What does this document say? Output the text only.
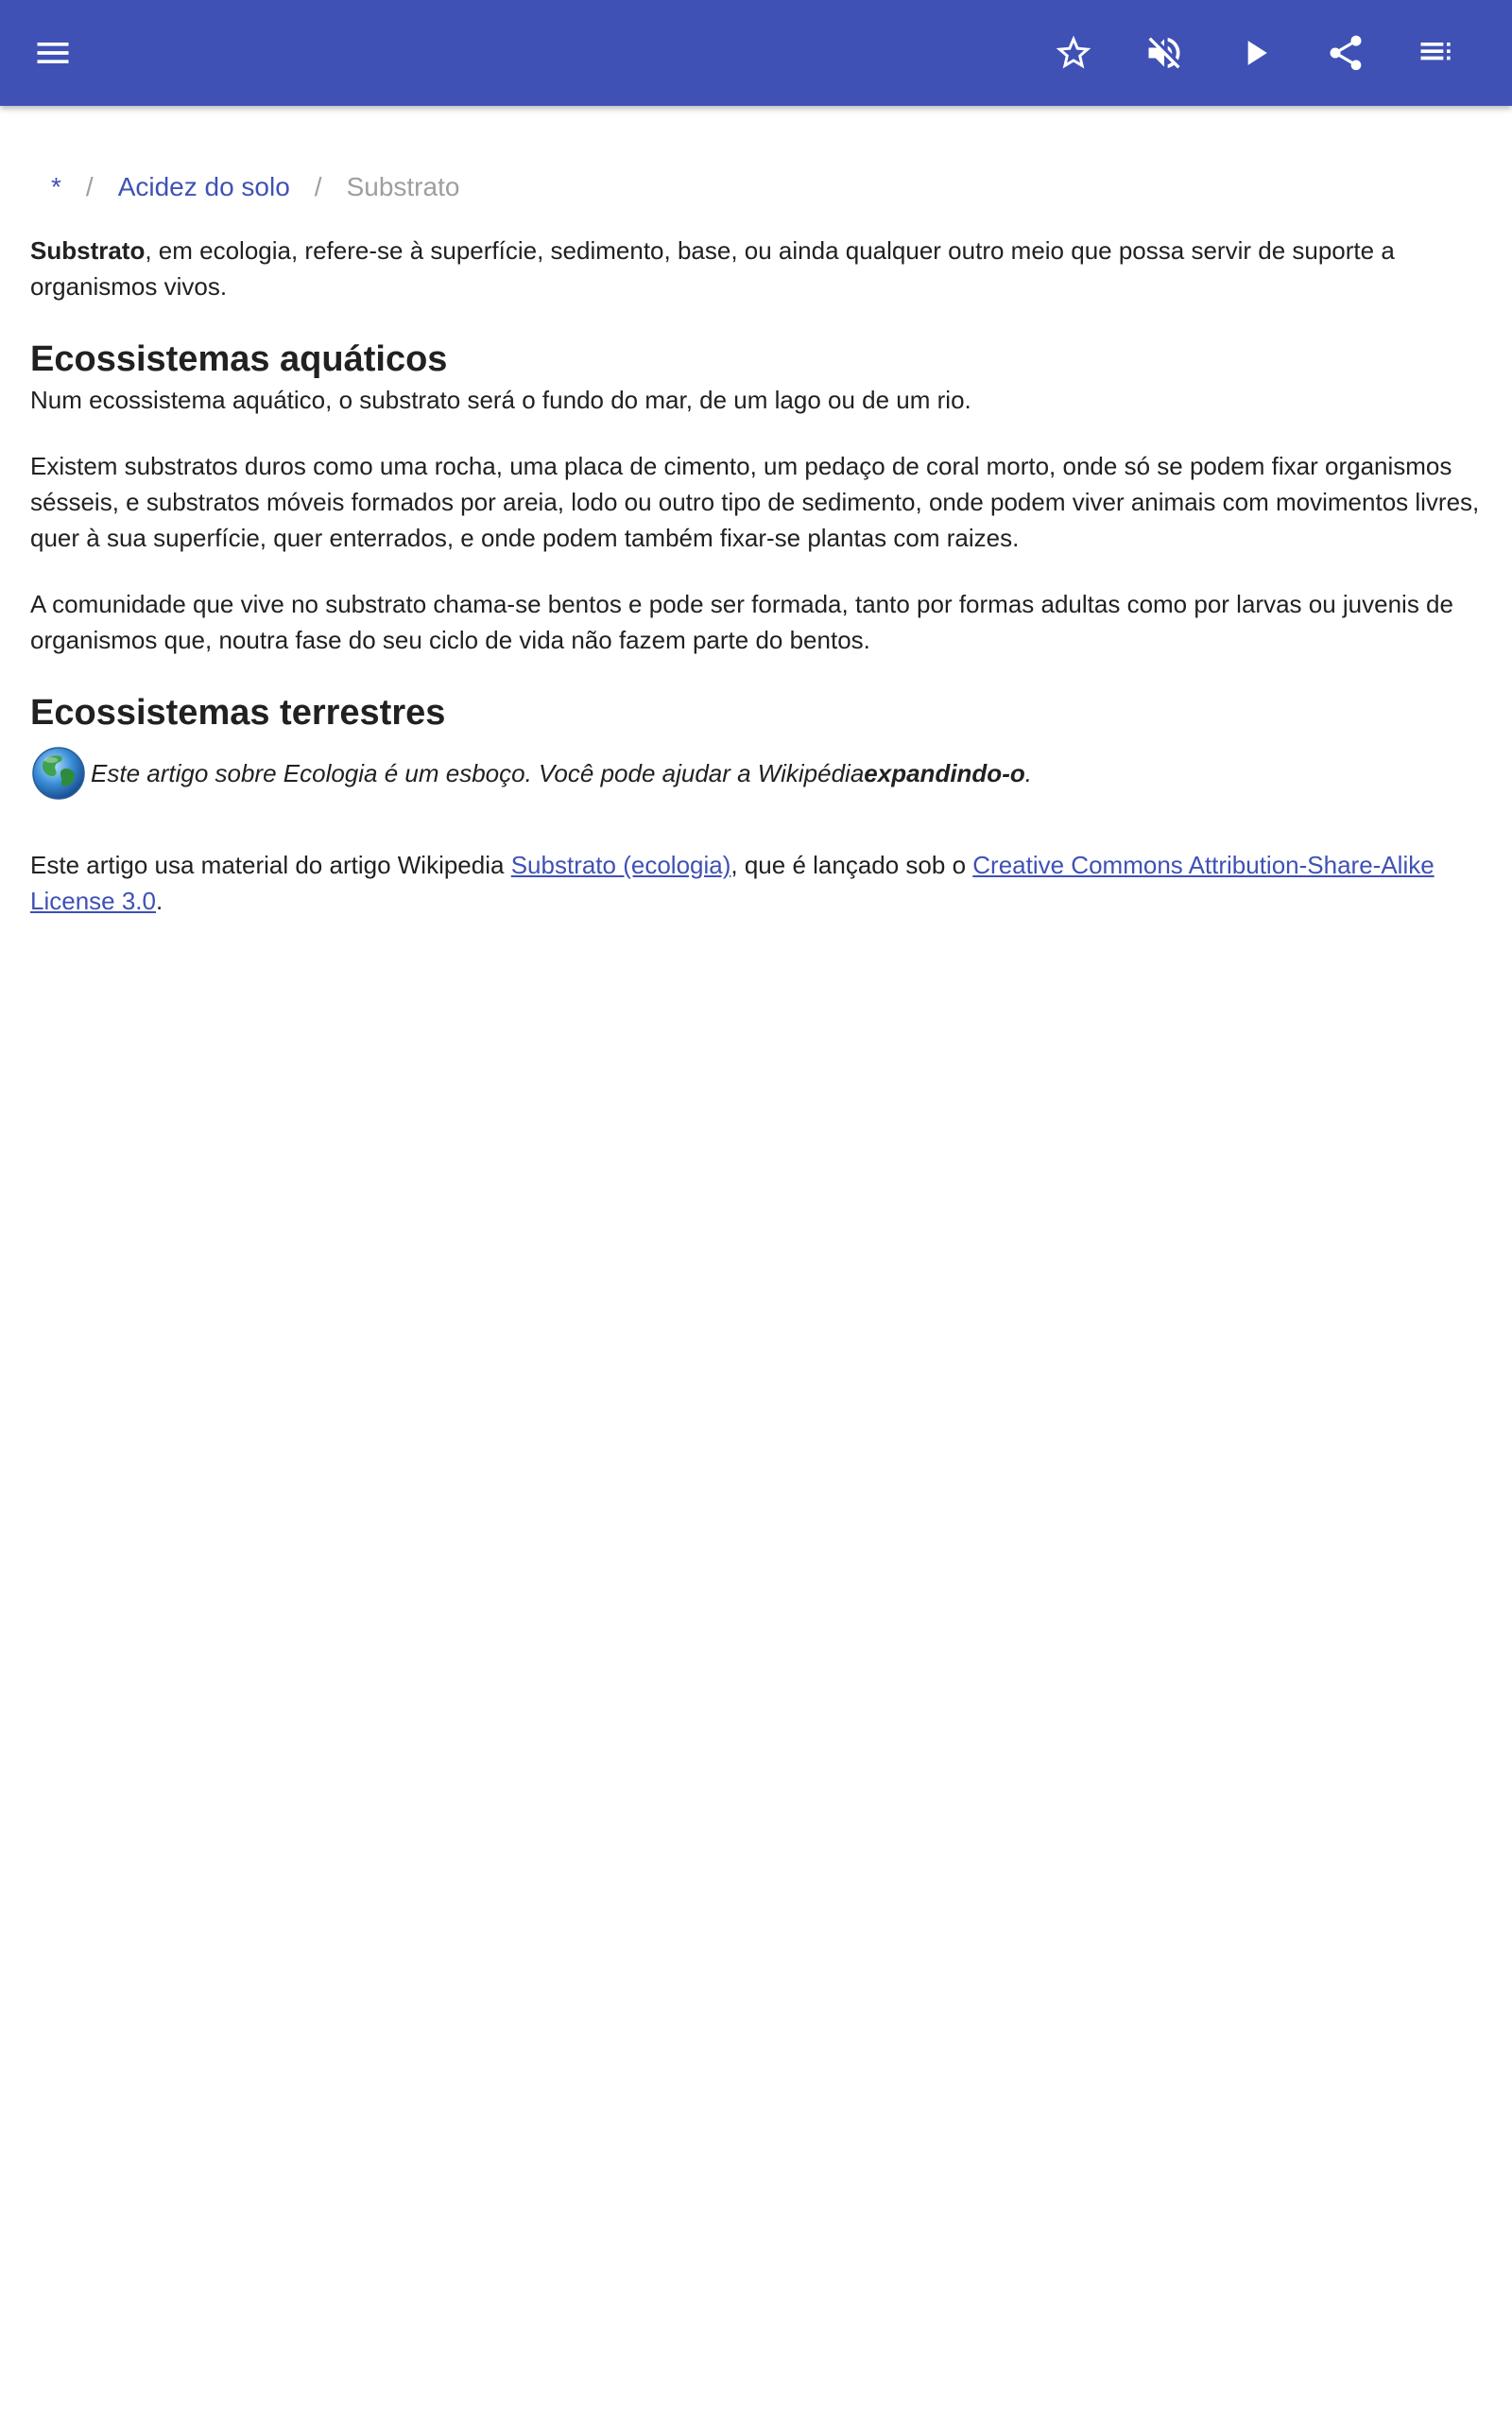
* / Acidez do solo / Substrato

Substrato, em ecologia, refere-se à superfície, sedimento, base, ou ainda qualquer outro meio que possa servir de suporte a organismos vivos.

Ecossistemas aquáticos

Num ecossistema aquático, o substrato será o fundo do mar, de um lago ou de um rio.

Existem substratos duros como uma rocha, uma placa de cimento, um pedaço de coral morto, onde só se podem fixar organismos sésseis, e substratos móveis formados por areia, lodo ou outro tipo de sedimento, onde podem viver animais com movimentos livres, quer à sua superfície, quer enterrados, e onde podem também fixar-se plantas com raizes.

A comunidade que vive no substrato chama-se bentos e pode ser formada, tanto por formas adultas como por larvas ou juvenis de organismos que, noutra fase do seu ciclo de vida não fazem parte do bentos.

Ecossistemas terrestres
Este artigo sobre Ecologia é um esboço. Você pode ajudar a Wikipédia expandindo-o .

Este artigo usa material do artigo Wikipedia Substrato (ecologia), que é lançado sob o Creative Commons Attribution-Share-Alike License 3.0.
